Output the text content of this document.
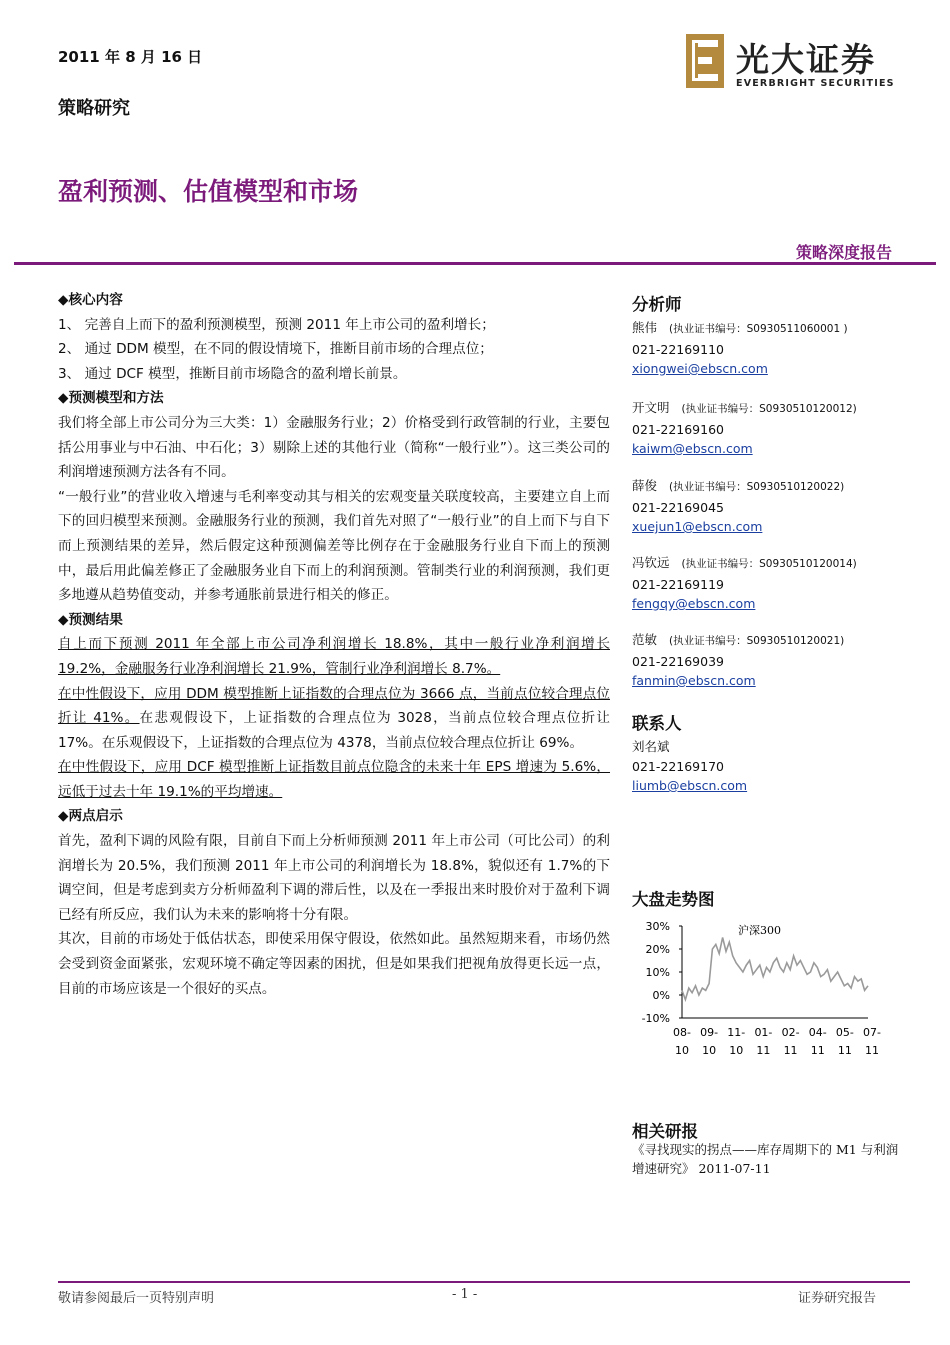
2011 年 8 月 16 日
策略研究
光大证券
EVERBRIGHT SECURITIES
盈利预测、估值模型和市场
策略深度报告

◆核心内容

1、 完善自上而下的盈利预测模型，预测 2011 年上市公司的盈利增长；

2、 通过 DDM 模型，在不同的假设情境下，推断目前市场的合理点位；

3、 通过 DCF 模型，推断目前市场隐含的盈利增长前景。

◆预测模型和方法

我们将全部上市公司分为三大类：1）金融服务行业；2）价格受到行政管制的行业，主要包括公用事业与中石油、中石化；3）剔除上述的其他行业（简称“一般行业”）。这三类公司的利润增速预测方法各有不同。

“一般行业”的营业收入增速与毛利率变动其与相关的宏观变量关联度较高，主要建立自上而下的回归模型来预测。金融服务行业的预测，我们首先对照了“一般行业”的自上而下与自下而上预测结果的差异，然后假定这种预测偏差等比例存在于金融服务行业自下而上的预测中，最后用此偏差修正了金融服务业自下而上的利润预测。管制类行业的利润预测，我们更多地遵从趋势值变动，并参考通胀前景进行相关的修正。

◆预测结果

自上而下预测 2011 年全部上市公司净利润增长 18.8%，其中一般行业净利润增长 19.2%，金融服务行业净利润增长 21.9%，管制行业净利润增长 8.7%。

在中性假设下，应用 DDM 模型推断上证指数的合理点位为 3666 点，当前点位较合理点位折让 41%。在悲观假设下，上证指数的合理点位为 3028，当前点位较合理点位折让 17%。在乐观假设下，上证指数的合理点位为 4378，当前点位较合理点位折让 69%。

在中性假设下，应用 DCF 模型推断上证指数目前点位隐含的未来十年 EPS 增速为 5.6%，远低于过去十年 19.1%的平均增速。

◆两点启示

首先，盈利下调的风险有限，目前自下而上分析师预测 2011 年上市公司（可比公司）的利润增长为 20.5%，我们预测 2011 年上市公司的利润增长为 18.8%，貌似还有 1.7%的下调空间，但是考虑到卖方分析师盈利下调的滞后性，以及在一季报出来时股价对于盈利下调已经有所反应，我们认为未来的影响将十分有限。

其次，目前的市场处于低估状态，即使采用保守假设，依然如此。虽然短期来看，市场仍然会受到资金面紧张，宏观环境不确定等因素的困扰，但是如果我们把视角放得更长远一点，目前的市场应该是一个很好的买点。

分析师
熊伟 (执业证书编号：S0930511060001 )
021-22169110
xiongwei@ebscn.com
开文明 (执业证书编号：S0930510120012)
021-22169160
kaiwm@ebscn.com
薛俊 (执业证书编号：S0930510120022)
021-22169045
xuejun1@ebscn.com
冯钦远 (执业证书编号：S0930510120014)
021-22169119
fengqy@ebscn.com
范敏 (执业证书编号：S0930510120021)
021-22169039
fanmin@ebscn.com
联系人
刘名斌
021-22169170
liumb@ebscn.com
大盘走势图
30%
20%
10%
0%
-10%
08-
10
09-
10
11-
10
01-
11
02-
11
04-
11
05-
11
07-
11
沪深300
相关研报
《寻找现实的拐点——库存周期下的 M1 与利润增速研究》 2011-07-11
敬请参阅最后一页特别声明	- 1 -	证券研究报告
